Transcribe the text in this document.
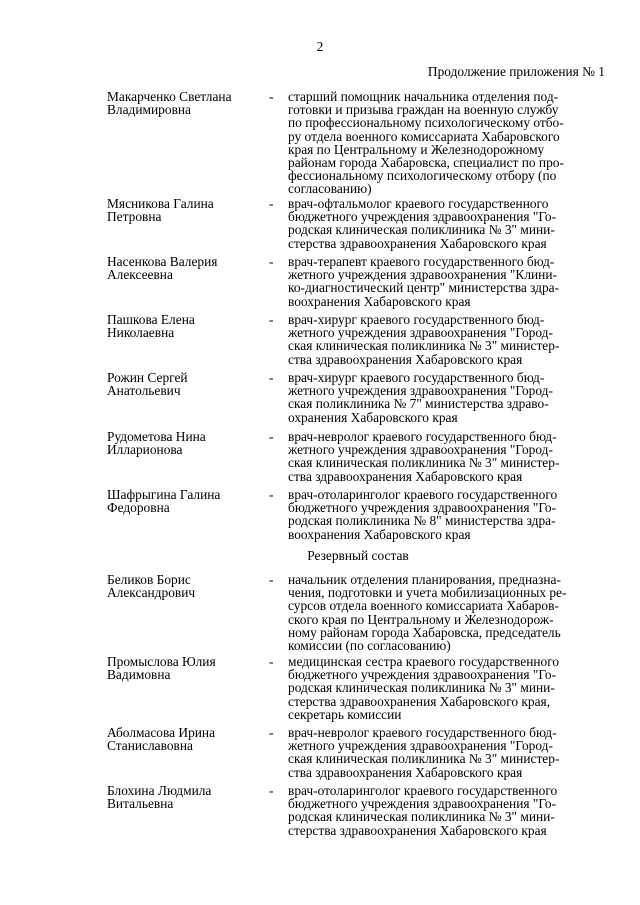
2
Продолжение приложения № 1
Макарченко Светлана
Владимировна
- старший помощник начальника отделения под-
готовки и призыва граждан на военную службу
по профессиональному психологическому отбо-
ру отдела военного комиссариата Хабаровского
края по Центральному и Железнодорожному
районам города Хабаровска, специалист по про-
фессиональному психологическому отбору (по
согласованию)
Мясникова Галина
Петровна
- врач-офтальмолог краевого государственного
бюджетного учреждения здравоохранения "Го-
родская клиническая поликлиника № 3" мини-
стерства здравоохранения Хабаровского края
Насенкова Валерия
Алексеевна
- врач-терапевт краевого государственного бюд-
жетного учреждения здравоохранения "Клини-
ко-диагностический центр" министерства здра-
воохранения Хабаровского края
Пашкова Елена
Николаевна
- врач-хирург краевого государственного бюд-
жетного учреждения здравоохранения "Город-
ская клиническая поликлиника № 3" министер-
ства здравоохранения Хабаровского края
Рожин Сергей
Анатольевич
- врач-хирург краевого государственного бюд-
жетного учреждения здравоохранения "Город-
ская поликлиника № 7" министерства здраво-
охранения Хабаровского края
Рудометова Нина
Илларионова
- врач-невролог краевого государственного бюд-
жетного учреждения здравоохранения "Город-
ская клиническая поликлиника № 3" министер-
ства здравоохранения Хабаровского края
Шафрыгина Галина
Федоровна
- врач-отоларинголог краевого государственного
бюджетного учреждения здравоохранения "Го-
родская поликлиника № 8" министерства здра-
воохранения Хабаровского края
Резервный состав
Беликов Борис
Александрович
- начальник отделения планирования, предназна-
чения, подготовки и учета мобилизационных ре-
сурсов отдела военного комиссариата Хабаров-
ского края по Центральному и Железнодорож-
ному районам города Хабаровска, председатель
комиссии (по согласованию)
Промыслова Юлия
Вадимовна
- медицинская сестра краевого государственного
бюджетного учреждения здравоохранения "Го-
родская клиническая поликлиника № 3" мини-
стерства здравоохранения Хабаровского края,
секретарь комиссии
Аболмасова Ирина
Станиславовна
- врач-невролог краевого государственного бюд-
жетного учреждения здравоохранения "Город-
ская клиническая поликлиника № 3" министер-
ства здравоохранения Хабаровского края
Блохина Людмила
Витальевна
- врач-отоларинголог краевого государственного
бюджетного учреждения здравоохранения "Го-
родская клиническая поликлиника № 3" мини-
стерства здравоохранения Хабаровского края
